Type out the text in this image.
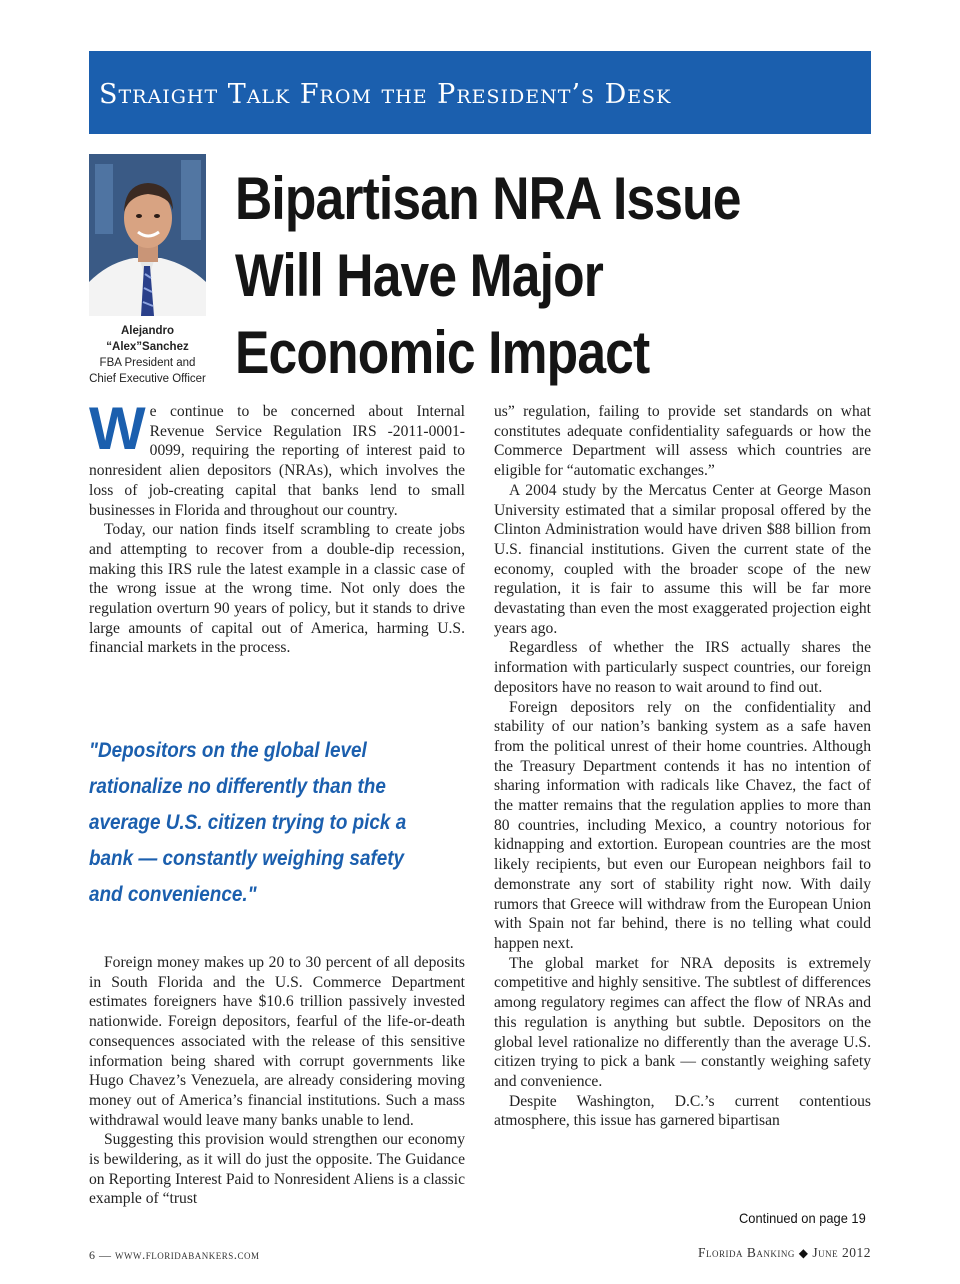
Straight Talk From the President’s Desk
Alejandro
“Alex”Sanchez
FBA President and
Chief Executive Officer
Bipartisan NRA Issue
Will Have Major
Economic Impact

We continue to be concerned about Internal Revenue Service Regulation IRS -2011-0001-0099, requiring the reporting of interest paid to nonresident alien depositors (NRAs), which involves the loss of job-creating capital that banks lend to small businesses in Florida and throughout our country.

Today, our nation finds itself scrambling to create jobs and attempting to recover from a double-dip recession, making this IRS rule the latest example in a classic case of the wrong issue at the wrong time. Not only does the regulation overturn 90 years of policy, but it stands to drive large amounts of capital out of America, harming U.S. financial markets in the process.

"Depositors on the global level
rationalize no differently than the
average U.S. citizen trying to pick a
bank — constantly weighing safety
and convenience."

Foreign money makes up 20 to 30 percent of all deposits in South Florida and the U.S. Commerce Department estimates foreigners have $10.6 trillion passively invested nationwide. Foreign depositors, fearful of the life-or-death consequences associated with the release of this sensitive information being shared with corrupt governments like Hugo Chavez’s Venezuela, are already considering moving money out of America’s financial institutions. Such a mass withdrawal would leave many banks unable to lend.

Suggesting this provision would strengthen our economy is bewildering, as it will do just the opposite. The Guidance on Reporting Interest Paid to Nonresident Aliens is a classic example of “trust

us” regulation, failing to provide set standards on what constitutes adequate confidentiality safeguards or how the Commerce Department will assess which countries are eligible for “automatic exchanges.”

A 2004 study by the Mercatus Center at George Mason University estimated that a similar proposal offered by the Clinton Administration would have driven $88 billion from U.S. financial institutions. Given the current state of the economy, coupled with the broader scope of the new regulation, it is fair to assume this will be far more devastating than even the most exaggerated projection eight years ago.

Regardless of whether the IRS actually shares the information with particularly suspect countries, our foreign depositors have no reason to wait around to find out.

Foreign depositors rely on the confidentiality and stability of our nation’s banking system as a safe haven from the political unrest of their home countries. Although the Treasury Department contends it has no intention of sharing information with radicals like Chavez, the fact of the matter remains that the regulation applies to more than 80 countries, including Mexico, a country notorious for kidnapping and extortion. European countries are the most likely recipients, but even our European neighbors fail to demonstrate any sort of stability right now. With daily rumors that Greece will withdraw from the European Union with Spain not far behind, there is no telling what could happen next.

The global market for NRA deposits is extremely competitive and highly sensitive. The subtlest of differences among regulatory regimes can affect the flow of NRAs and this regulation is anything but subtle. Depositors on the global level rationalize no differently than the average U.S. citizen trying to pick a bank — constantly weighing safety and convenience.

Despite Washington, D.C.’s current contentious atmosphere, this issue has garnered bipartisan

Continued on page 19
6 — www.floridabankers.com	Florida Banking ◆ June 2012
